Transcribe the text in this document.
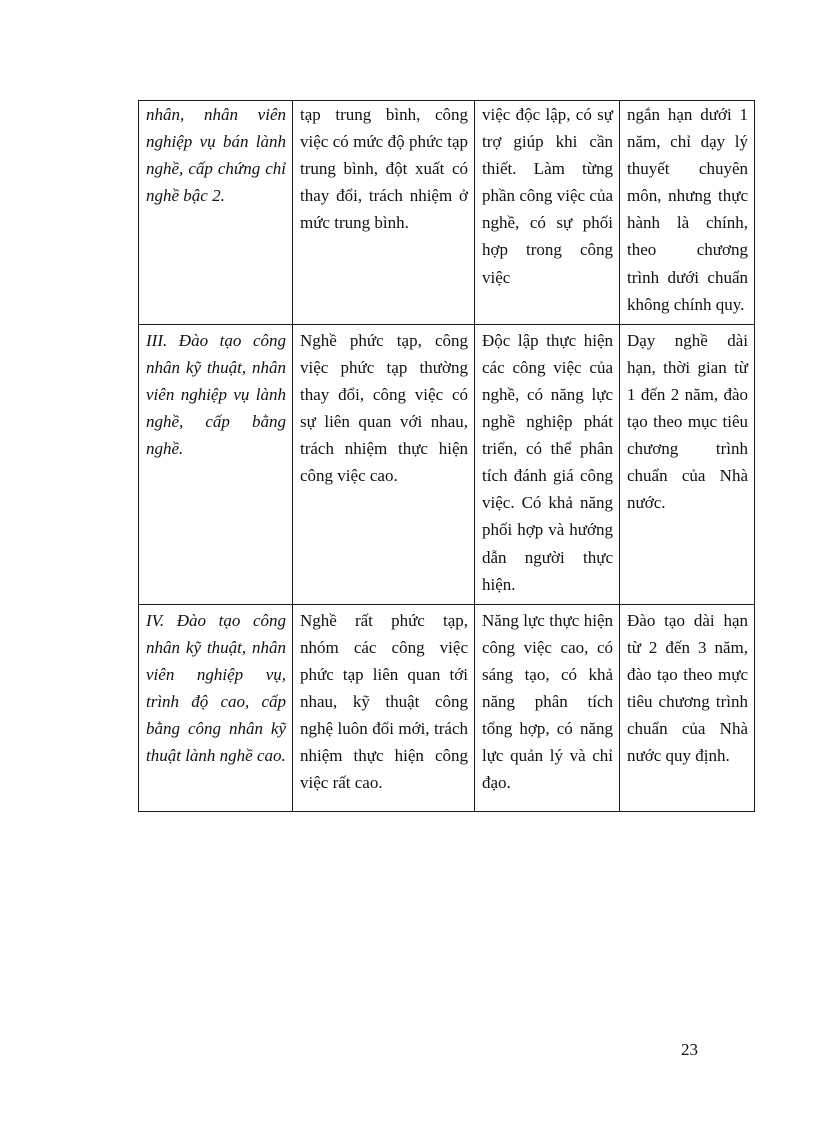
nhân, nhân viên nghiệp vụ bán lành nghề, cấp chứng chỉ nghề bậc 2.	tạp trung bình, công việc có mức độ phức tạp trung bình, đột xuất có thay đổi, trách nhiệm ở mức trung bình.	việc độc lập, có sự trợ giúp khi cần thiết. Làm từng phần công việc của nghề, có sự phối hợp trong công việc	ngắn hạn dưới 1 năm, chỉ dạy lý thuyết chuyên môn, nhưng thực hành là chính, theo chương trình dưới chuẩn không chính quy.

III. Đào tạo công nhân kỹ thuật, nhân viên nghiệp vụ lành nghề, cấp bằng nghề.	Nghề phức tạp, công việc phức tạp thường thay đổi, công việc có sự liên quan với nhau, trách nhiệm thực hiện công việc cao.	Độc lập thực hiện các công việc của nghề, có năng lực nghề nghiệp phát triển, có thể phân tích đánh giá công việc. Có khả năng phối hợp và hướng dẫn người thực hiện.	Dạy nghề dài hạn, thời gian từ 1 đến 2 năm, đào tạo theo mục tiêu chương trình chuẩn của Nhà nước.

IV. Đào tạo công nhân kỹ thuật, nhân viên nghiệp vụ, trình độ cao, cấp bằng công nhân kỹ thuật lành nghề cao.	Nghề rất phức tạp, nhóm các công việc phức tạp liên quan tới nhau, kỹ thuật công nghệ luôn đổi mới, trách nhiệm thực hiện công việc rất cao.	Năng lực thực hiện công việc cao, có sáng tạo, có khả năng phân tích tổng hợp, có năng lực quản lý và chỉ đạo.	Đào tạo dài hạn từ 2 đến 3 năm, đào tạo theo mực tiêu chương trình chuẩn của Nhà nước quy định.
23
